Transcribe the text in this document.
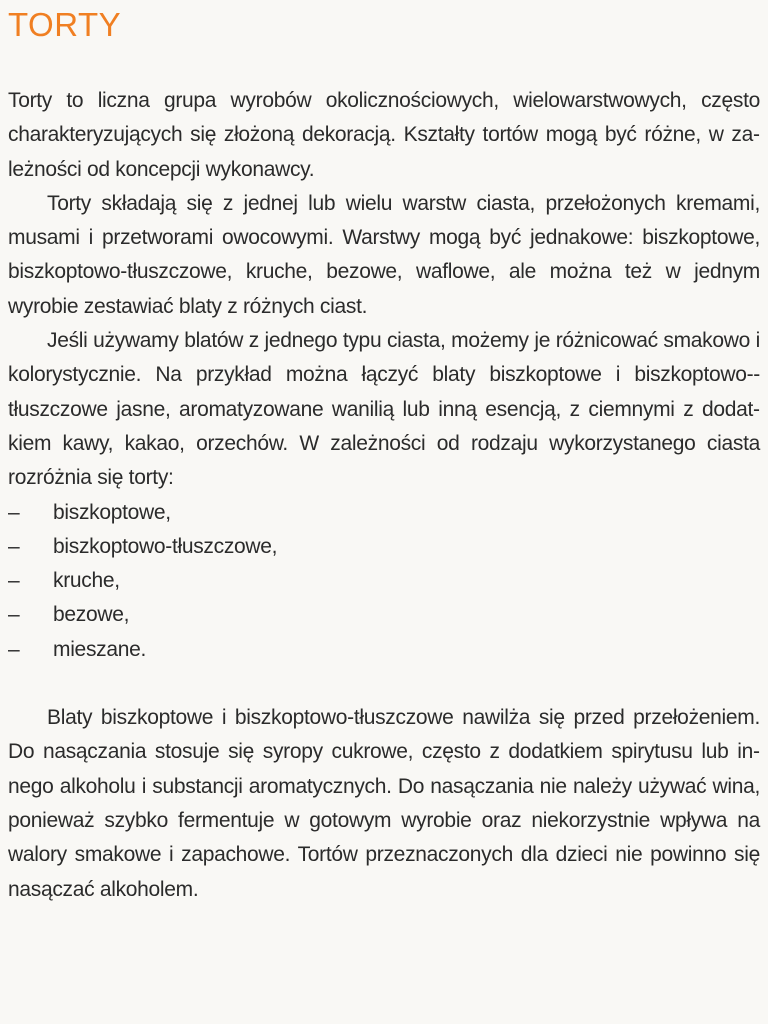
TORTY

Torty to liczna grupa wyrobów okolicznościowych, wielowarstwowych, często charakteryzujących się złożoną dekoracją. Kształty tortów mogą być różne, w zależności od koncepcji wykonawcy.

Torty składają się z jednej lub wielu warstw ciasta, przełożonych kremami, musami i przetworami owocowymi. Warstwy mogą być jednakowe: biszkoptowe, biszkoptowo-tłuszczowe, kruche, bezowe, waflowe, ale można też w jednym wyrobie zestawiać blaty z różnych ciast.

Jeśli używamy blatów z jednego typu ciasta, możemy je różnicować smakowo i kolorystycznie. Na przykład można łączyć blaty biszkoptowe i biszkoptowo--tłuszczowe jasne, aromatyzowane wanilią lub inną esencją, z ciemnymi z dodatkiem kawy, kakao, orzechów. W zależności od rodzaju wykorzystanego ciasta rozróżnia się torty:

–	biszkoptowe,
–	biszkoptowo-tłuszczowe,
–	kruche,
–	bezowe,
–	mieszane.

Blaty biszkoptowe i biszkoptowo-tłuszczowe nawilża się przed przełożeniem. Do nasączania stosuje się syropy cukrowe, często z dodatkiem spirytusu lub innego alkoholu i substancji aromatycznych. Do nasączania nie należy używać wina, ponieważ szybko fermentuje w gotowym wyrobie oraz niekorzystnie wpływa na walory smakowe i zapachowe. Tortów przeznaczonych dla dzieci nie powinno się nasączać alkoholem.
